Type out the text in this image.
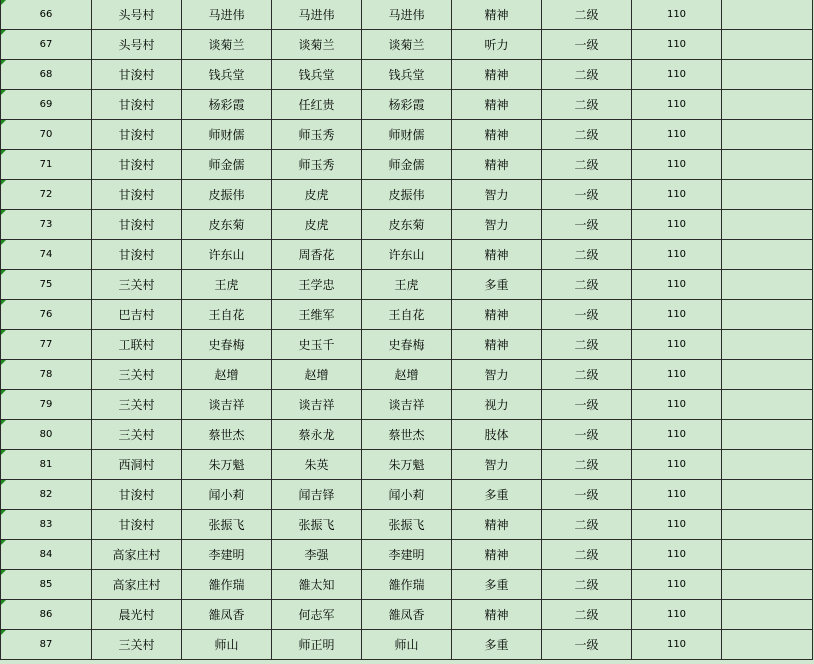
66	头号村	马进伟	马进伟	马进伟	精神	二级	110	
67	头号村	谈菊兰	谈菊兰	谈菊兰	听力	一级	110	
68	甘浚村	钱兵堂	钱兵堂	钱兵堂	精神	二级	110	
69	甘浚村	杨彩霞	任红贵	杨彩霞	精神	二级	110	
70	甘浚村	师财儒	师玉秀	师财儒	精神	二级	110	
71	甘浚村	师金儒	师玉秀	师金儒	精神	二级	110	
72	甘浚村	皮振伟	皮虎	皮振伟	智力	一级	110	
73	甘浚村	皮东菊	皮虎	皮东菊	智力	一级	110	
74	甘浚村	许东山	周香花	许东山	精神	二级	110	
75	三关村	王虎	王学忠	王虎	多重	二级	110	
76	巴吉村	王自花	王维军	王自花	精神	一级	110	
77	工联村	史春梅	史玉千	史春梅	精神	二级	110	
78	三关村	赵增	赵增	赵增	智力	二级	110	
79	三关村	谈吉祥	谈吉祥	谈吉祥	视力	一级	110	
80	三关村	蔡世杰	蔡永龙	蔡世杰	肢体	一级	110	
81	西洞村	朱万魁	朱英	朱万魁	智力	二级	110	
82	甘浚村	闻小莉	闻吉铎	闻小莉	多重	一级	110	
83	甘浚村	张振飞	张振飞	张振飞	精神	二级	110	
84	高家庄村	李建明	李强	李建明	精神	二级	110	
85	高家庄村	雒作瑞	雒太知	雒作瑞	多重	二级	110	
86	晨光村	雒凤香	何志军	雒凤香	精神	二级	110	
87	三关村	师山	师正明	师山	多重	一级	110	
